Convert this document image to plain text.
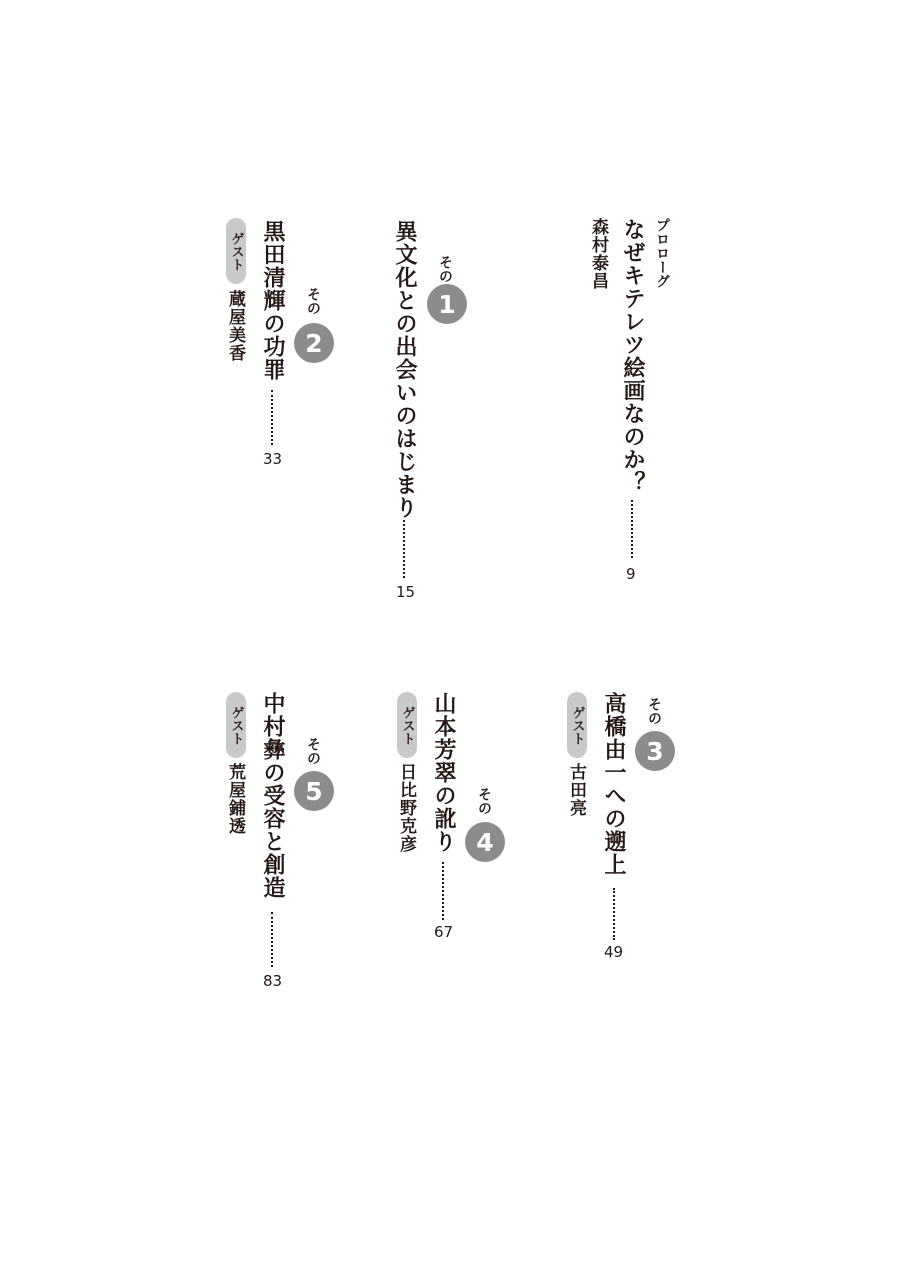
プロローグ
なぜキテレツ絵画なのか？
森村泰昌
9
その
1
異文化との出会いのはじまり
15
その
2
黒田清輝の功罪
ゲスト
蔵屋美香
33
その
3
高橋由一への遡上
ゲスト
古田亮
49
その
4
山本芳翠の訛り
ゲスト
日比野克彦
67
その
5
中村彝の受容と創造
ゲスト
荒屋鋪透
83
